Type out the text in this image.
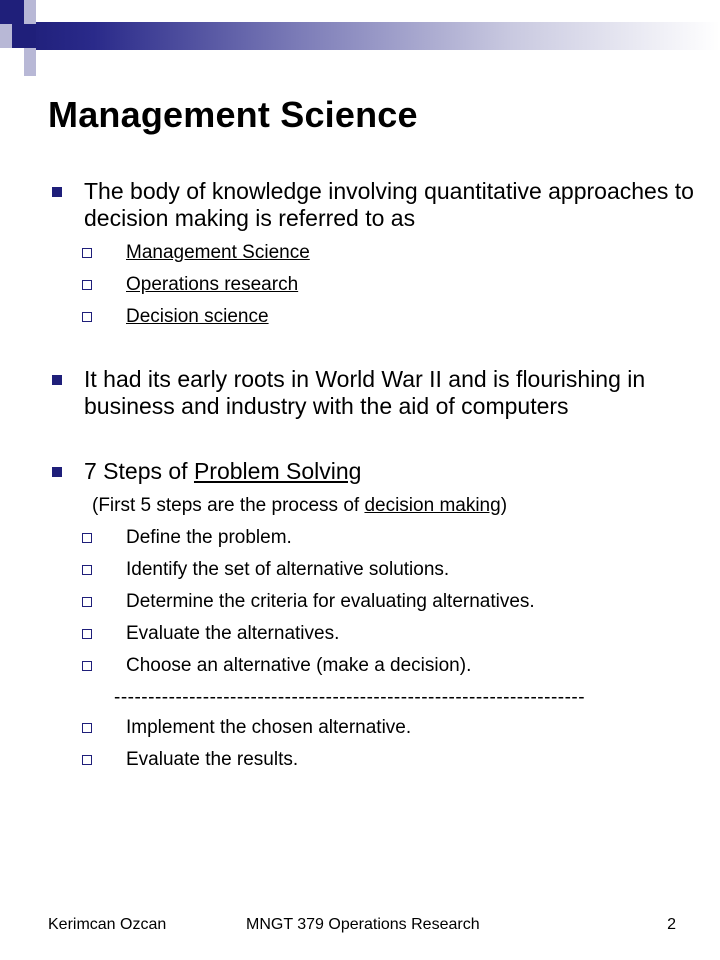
Management Science
The body of knowledge involving quantitative approaches to decision making is referred to as
Management Science
Operations research
Decision science
It had its early roots in World War II and is flourishing in business and industry with the aid of computers
7 Steps of Problem Solving
(First 5 steps are the process of decision making)
Define the problem.
Identify the set of alternative solutions.
Determine the criteria for evaluating alternatives.
Evaluate the alternatives.
Choose an alternative (make a decision).
---------------------------------------------------------------------
Implement the chosen alternative.
Evaluate the results.
Kerimcan Ozcan	MNGT 379 Operations Research	2
